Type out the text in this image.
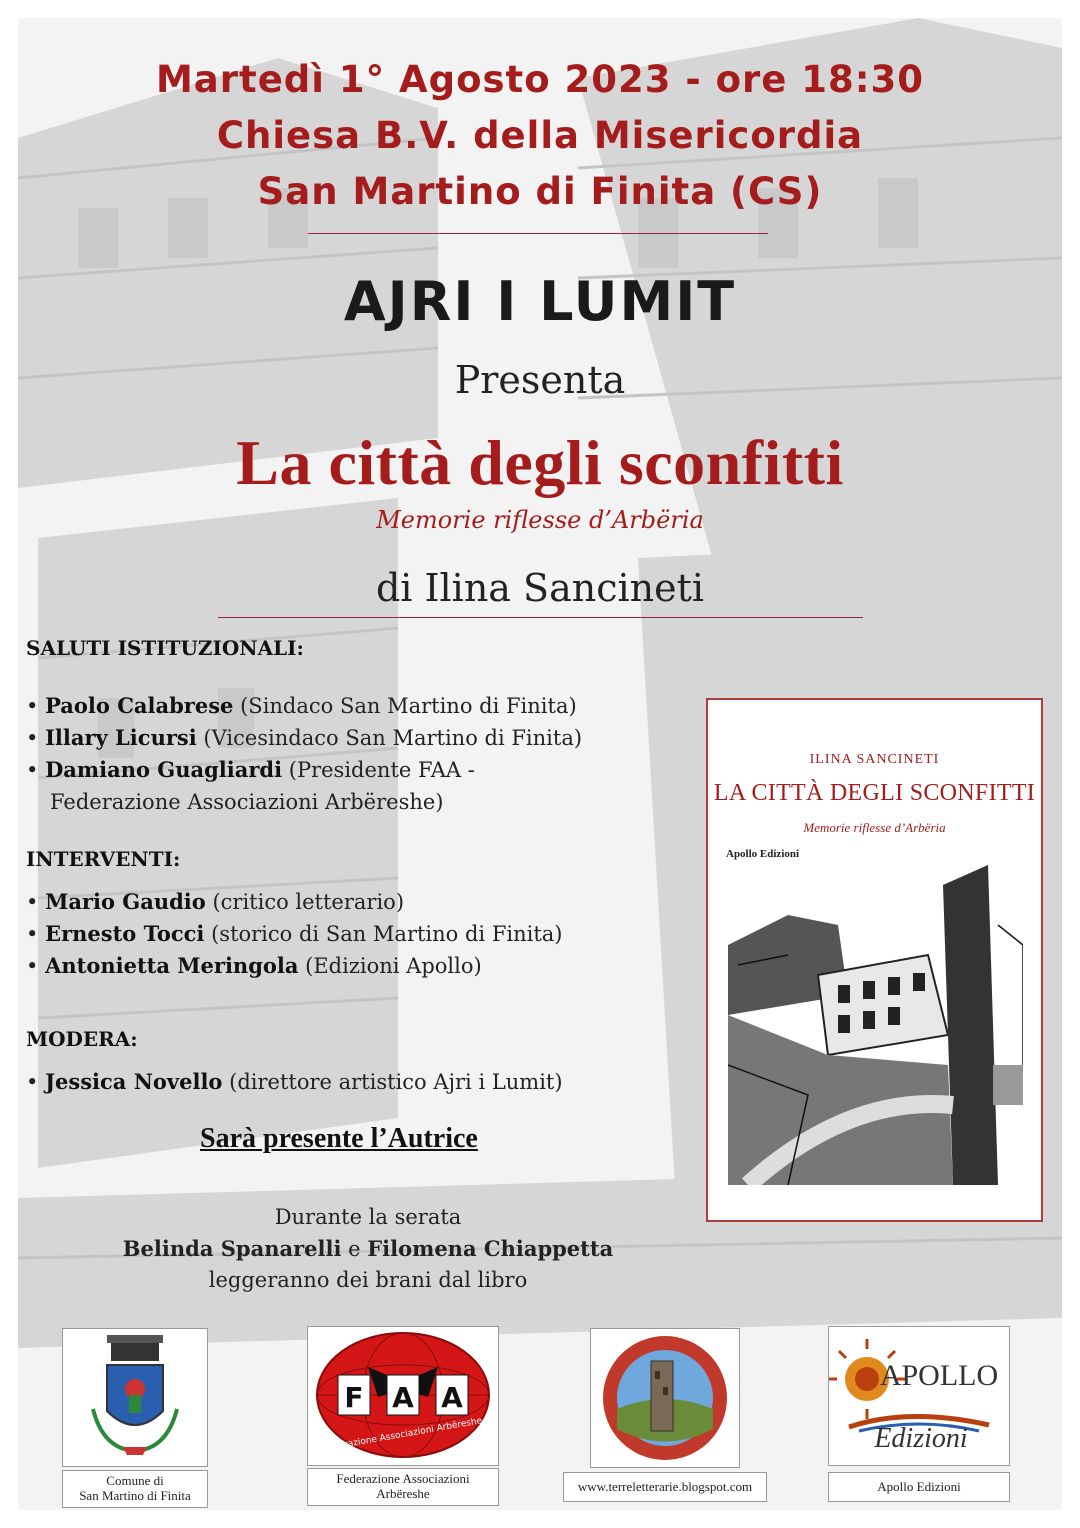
Martedì 1° Agosto 2023 - ore 18:30
Chiesa B.V. della Misericordia
San Martino di Finita (CS)
AJRI I LUMIT
Presenta
La città degli sconfitti
Memorie riflesse d’Arbëria
di Ilina Sancineti
SALUTI ISTITUZIONALI:
• Paolo Calabrese (Sindaco San Martino di Finita)
• Illary Licursi (Vicesindaco San Martino di Finita)
• Damiano Guagliardi (Presidente FAA -
Federazione Associazioni Arbëreshe)
INTERVENTI:
• Mario Gaudio (critico letterario)
• Ernesto Tocci (storico di San Martino di Finita)
• Antonietta Meringola (Edizioni Apollo)
MODERA:
• Jessica Novello (direttore artistico Ajri i Lumit)
Sarà presente l’Autrice
Durante la serata
Belinda Spanarelli e Filomena Chiappetta
leggeranno dei brani dal libro
ILINA SANCINETI
LA CITTÀ DEGLI SCONFITTI
Memorie riflesse d’Arbëria
Apollo Edizioni
Comune di
San Martino di Finita
F A A
Federazione Associazioni Arbëreshe
Federazione Associazioni
Arbëreshe	www.terreletterarie.blogspot.com
APOLLO
Edizioni
Apollo Edizioni
